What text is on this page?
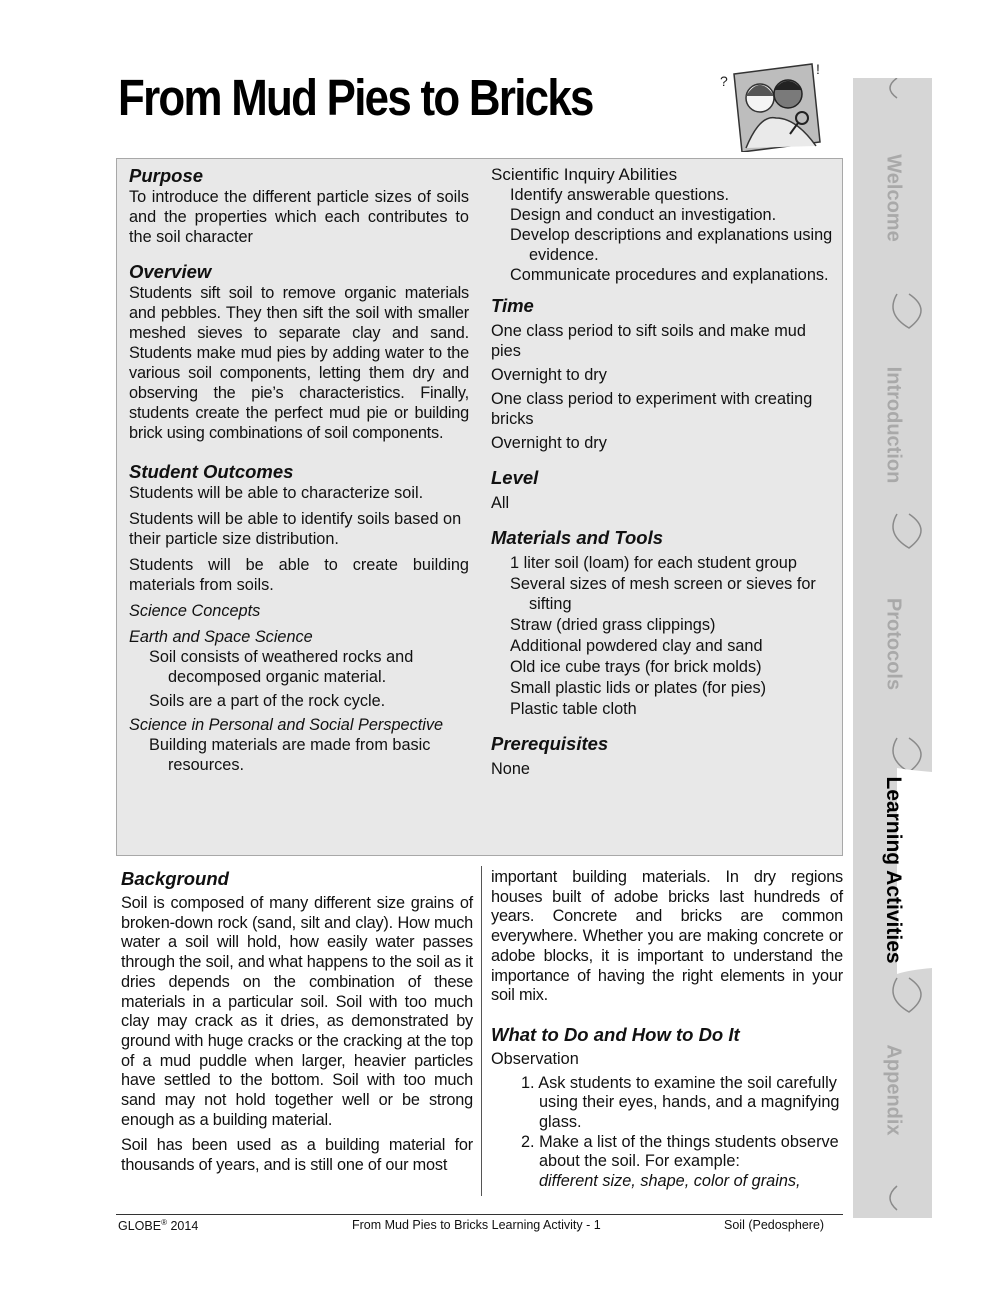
From Mud Pies to Bricks	?
!
Purpose

To introduce the different particle sizes of soils and the properties which each contributes to the soil character

Overview

Students sift soil to remove organic materials and pebbles. They then sift the soil with smaller meshed sieves to separate clay and sand. Students make mud pies by adding water to the various soil components, letting them dry and observing the pie’s characteristics. Finally, students create the perfect mud pie or building brick using combinations of soil components.

Student Outcomes

Students will be able to characterize soil.

Students will be able to identify soils based on their particle size distribution.

Students will be able to create building materials from soils.

Science Concepts

Earth and Space Science

Soil consists of weathered rocks and decomposed organic material.

Soils are a part of the rock cycle.

Science in Personal and Social Perspective

Building materials are made from basic resources.

Scientific Inquiry Abilities

Identify answerable questions.

Design and conduct an investigation.

Develop descriptions and explanations using evidence.

Communicate procedures and explanations.

Time

One class period to sift soils and make mud pies

Overnight to dry

One class period to experiment with creating bricks

Overnight to dry

Level

All

Materials and Tools

1 liter soil (loam) for each student group

Several sizes of mesh screen or sieves for sifting

Straw (dried grass clippings)

Additional powdered clay and sand

Old ice cube trays (for brick molds)

Small plastic lids or plates (for pies)

Plastic table cloth

Prerequisites

None

Background

Soil is composed of many different size grains of broken-down rock (sand, silt and clay). How much water a soil will hold, how easily water passes through the soil, and what happens to the soil as it dries depends on the combination of these materials in a particular soil. Soil with too much clay may crack as it dries, as demonstrated by ground with huge cracks or the cracking at the top of a mud puddle when larger, heavier particles have settled to the bottom. Soil with too much sand may not hold together well or be strong enough as a building material.

Soil has been used as a building material for thousands of years, and is still one of our most

important building materials. In dry regions houses built of adobe bricks last hundreds of years. Concrete and bricks are common everywhere. Whether you are making concrete or adobe blocks, it is important to understand the importance of having the right elements in your soil mix.

What to Do and How to Do It

Observation

1. Ask students to examine the soil carefully using their eyes, hands, and a magnifying glass.

2. Make a list of the things students observe about the soil. For example:

different size, shape, color of grains,

GLOBE® 2014	From Mud Pies to Bricks Learning Activity - 1	Soil (Pedosphere)
Welcome
Introduction
Protocols
Learning Activities
Appendix
